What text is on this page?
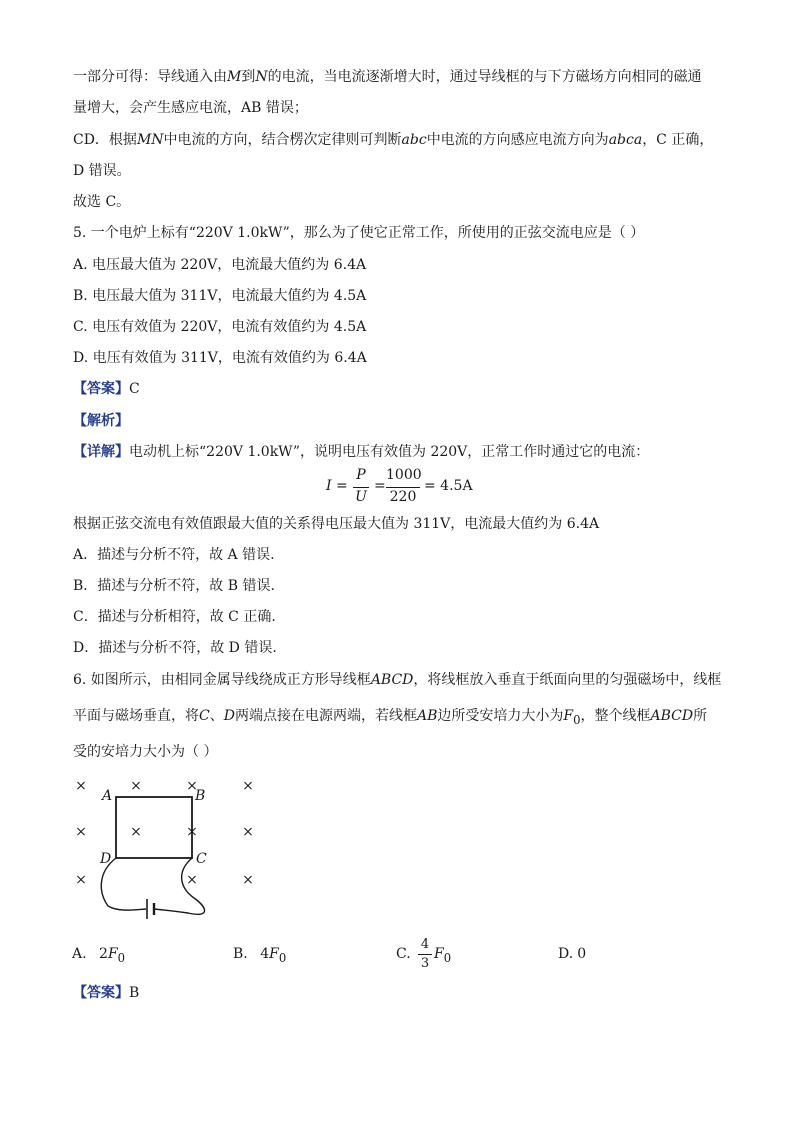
一部分可得：导线通入由M到N的电流，当电流逐渐增大时，通过导线框的与下方磁场方向相同的磁通
量增大，会产生感应电流，AB 错误；
CD．根据MN中电流的方向，结合楞次定律则可判断abc中电流的方向感应电流方向为abca，C 正确，
D 错误。
故选 C。
5. 一个电炉上标有“220V 1.0kW”，那么为了使它正常工作，所使用的正弦交流电应是（ ）
A. 电压最大值为 220V，电流最大值约为 6.4A
B. 电压最大值为 311V，电流最大值约为 4.5A
C. 电压有效值为 220V，电流有效值约为 4.5A
D. 电压有效值为 311V，电流有效值约为 6.4A
【答案】C
【解析】
【详解】电动机上标“220V 1.0kW”，说明电压有效值为 220V，正常工作时通过它的电流：
I =
P
U
=
1000
220
= 4.5A
根据正弦交流电有效值跟最大值的关系得电压最大值为 311V，电流最大值约为 6.4A
A．描述与分析不符，故 A 错误.
B．描述与分析不符，故 B 错误.
C．描述与分析相符，故 C 正确.
D．描述与分析不符，故 D 错误.
6. 如图所示，由相同金属导线绕成正方形导线框ABCD，将线框放入垂直于纸面向里的匀强磁场中，线框
平面与磁场垂直，将C、D两端点接在电源两端，若线框AB边所受安培力大小为$F_0$，整个线框ABCD所
受的安培力大小为（ ）
×	×	×	×
×	×	×	×
×	×	×
A	B
D	C
A. $2F_0$	B. $4F_0$	C.
4
3
$F_0$	D. 0
【答案】B
